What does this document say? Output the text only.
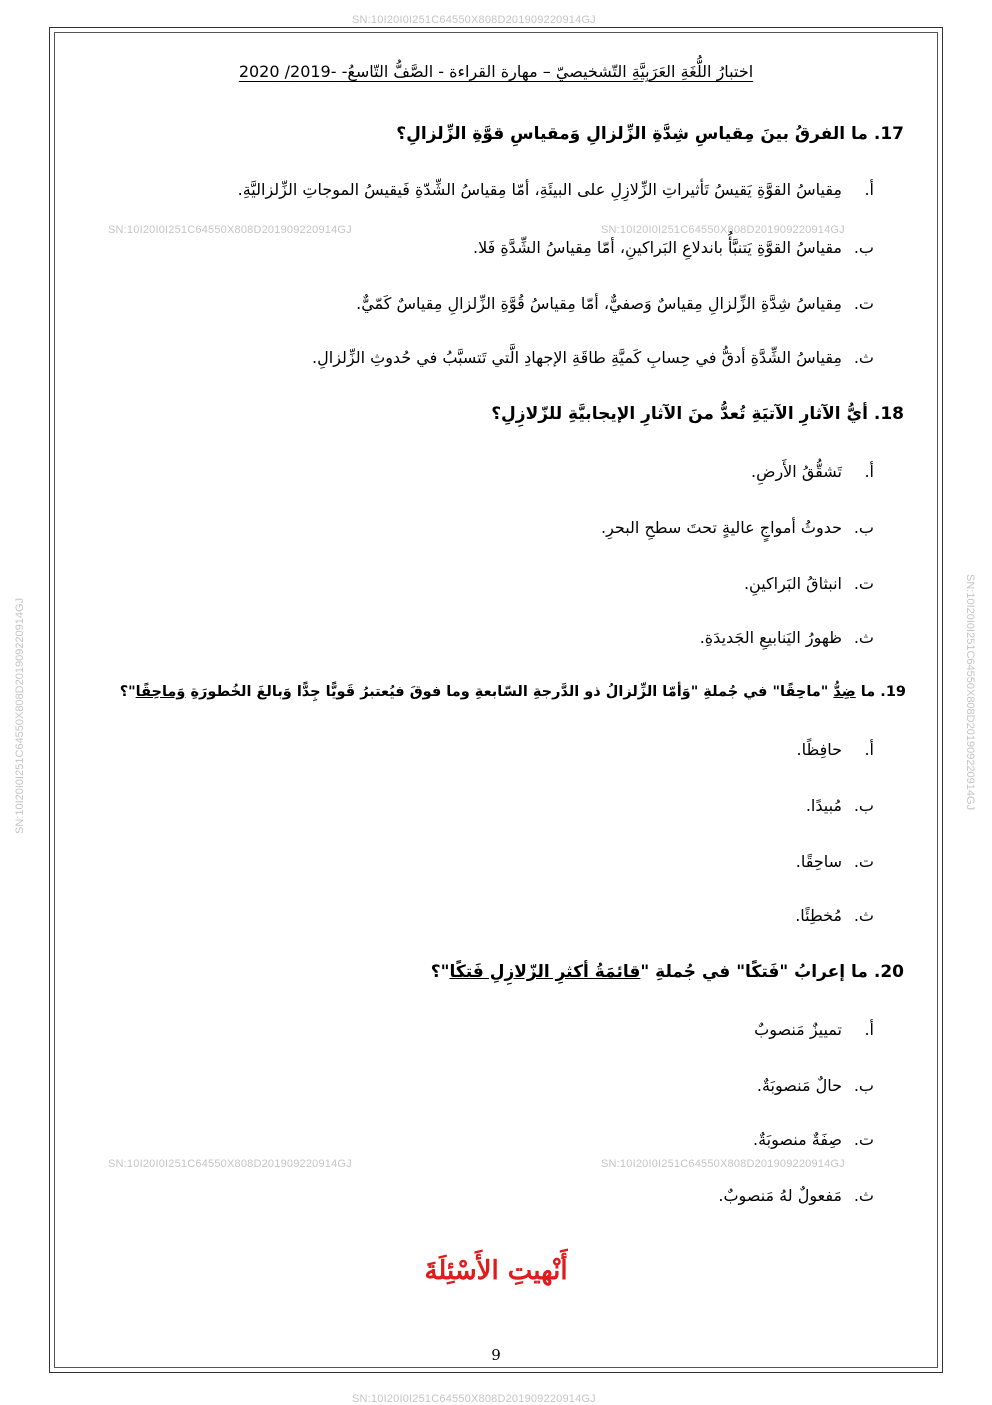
SN:10I20I0I251C64550X808D201909220914GJ
SN:10I20I0I251C64550X808D201909220914GJ	SN:10I20I0I251C64550X808D201909220914GJ
SN:10I20I0I251C64550X808D201909220914GJ	SN:10I20I0I251C64550X808D201909220914GJ
SN:10I20I0I251C64550X808D201909220914GJ
SN:10I20I0I251C64550X808D201909220914GJ	SN:10I20I0I251C64550X808D201909220914GJ
اختبارُ اللُّغَةِ العَرَبِيَّةِ التّشخيصيّ – مهارة القراءة - الصَّفُّ التّاسعُ- -2019/ 2020
17. ما الفرقُ بينَ مِقياسِ شِدَّةِ الزِّلزالِ وَمقياسِ قوَّةِ الزِّلزالِ؟
أ.مِقياسُ القوَّةِ يَقيسُ تَأثيراتِ الزِّلازِلِ على البيئَةِ، أمّا مِقياسُ الشِّدّةِ فَيقيسُ الموجاتِ الزِّلزاليَّةِ.
ب.مقياسُ القوَّةِ يَتنبَّأُ باندلاعِ البَراكينِ، أمّا مِقياسُ الشِّدَّةِ فَلا.
ت.مِقياسُ شِدَّةِ الزِّلزالِ مِقياسٌ وَصفيٌّ، أمّا مِقياسُ قُوَّةِ الزِّلزالِ مِقياسٌ كَمّيٌّ.
ث.مِقياسُ الشِّدَّةِ أدقُّ في حِسابِ كَميَّةِ طاقَةِ الإجهادِ الَّتي تَتسبَّبُ في حُدوثِ الزِّلزالِ.
18. أيُّ الآثارِ الآتيَةِ تُعدُّ منَ الآثارِ الإيجابيَّةِ للزّلازِلِ؟
أ.تَشقُّقُ الأَرضِ.
ب.حدوثُ أمواجٍ عاليةٍ تحتَ سطحِ البحرِ.
ت.انبثاقُ البَراكينِ.
ث.ظهورُ اليَنابيعِ الجَديدَةِ.
19. ما ضِدُّ "ماحِقًا" في جُملةِ "وَأمّا الزِّلزالُ ذو الدَّرجةِ السّابعةِ وما فوقَ فيُعتبرُ قَويًّا جِدًّا وَبالغَ الخُطورَةِ وَماحِقًا"؟
أ.حافِظًا.
ب.مُبيدًا.
ت.ساحِقًا.
ث.مُخطِئًا.
20. ما إعرابُ "فَتكًا" في جُملةِ "قائمَةُ أكثرِ الزّلازِلِ فَتكًا"؟
أ.تمييزٌ مَنصوبٌ
ب.حالٌ مَنصوبَةٌ.
ت.صِفَةٌ منصوبَةٌ.
ث.مَفعولٌ لهُ مَنصوبٌ.
أَنْهيتِ الأَسْئِلَةَ
9
